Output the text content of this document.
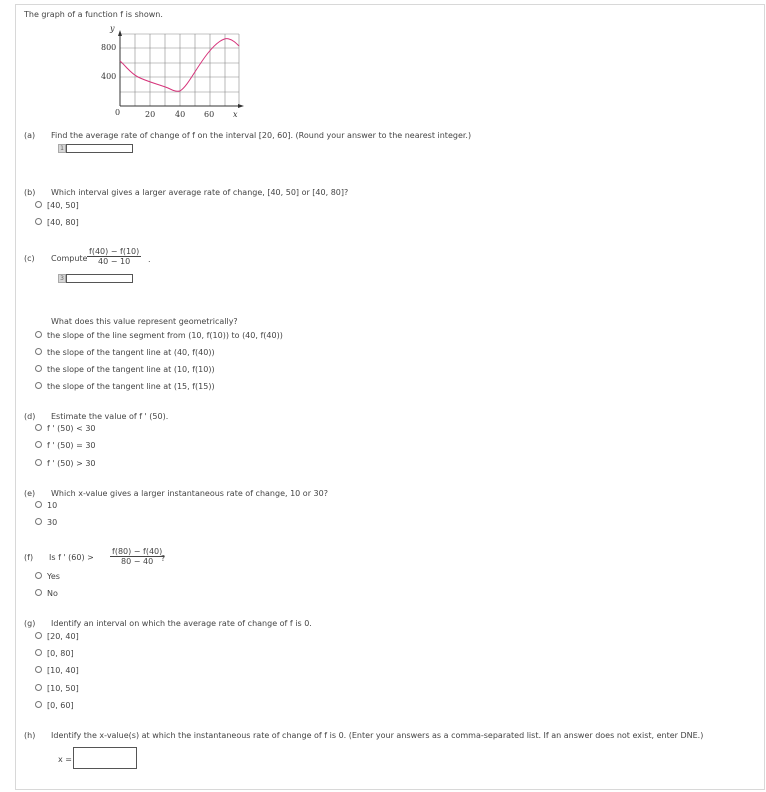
The graph of a function f is shown.
y
800
400
0	20 40 60 x
(a) Find the average rate of change of f on the interval [20, 60]. (Round your answer to the nearest integer.)
1
(b) Which interval gives a larger average rate of change, [40, 50] or [40, 80]?
[40, 50]
[40, 80]
(c) Compute $\frac{f(40) - f(10)}{40 - 10}$ .
3
What does this value represent geometrically?
the slope of the line segment from (10, f(10)) to (40, f(40))
the slope of the tangent line at (40, f(40))
the slope of the tangent line at (10, f(10))
the slope of the tangent line at (15, f(15))
(d) Estimate the value of f ' (50).
f ' (50) < 30
f ' (50) = 30
f ' (50) > 30
(e) Which x-value gives a larger instantaneous rate of change, 10 or 30?
10
30
(f) Is f ' $(60) > \frac{f(80) - f(40)}{80 - 40}$
?
Yes
No
(g) Identify an interval on which the average rate of change of f is 0.
[20, 40]
[0, 80]
[10, 40]
[10, 50]
[0, 60]
(h) Identify the x-value(s) at which the instantaneous rate of change of f is 0. (Enter your answers as a comma-separated list. If an answer does not exist, enter DNE.)
x =
